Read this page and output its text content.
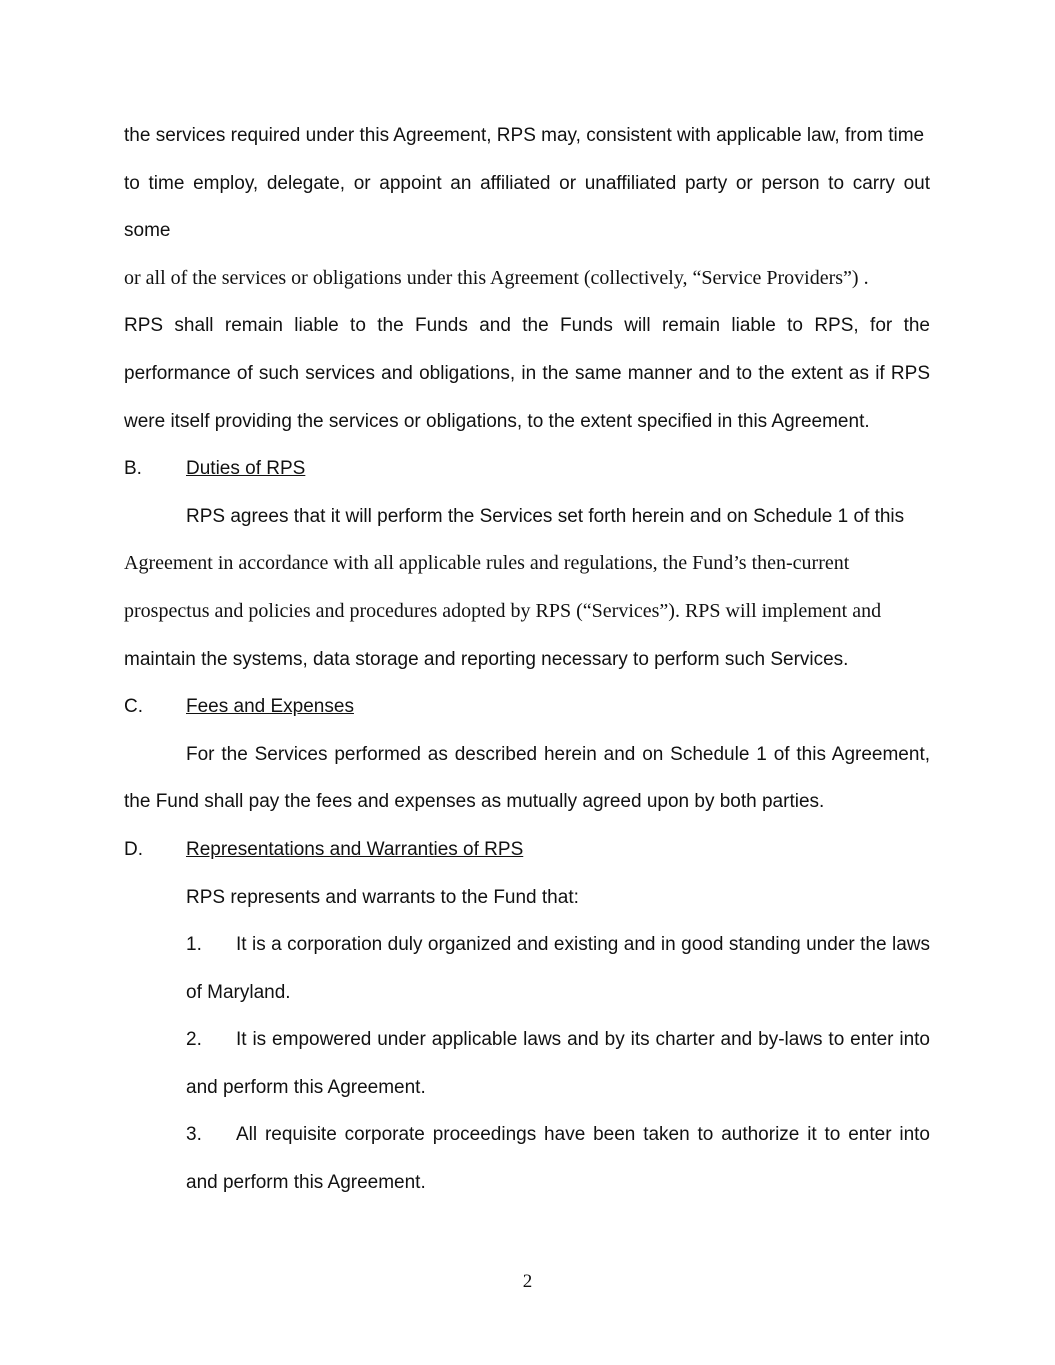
the services required under this Agreement, RPS may, consistent with applicable law, from time
to time employ, delegate, or appoint an affiliated or unaffiliated party or person to carry out some
or all of the services or obligations under this Agreement (collectively, “Service Providers”) .
RPS shall remain liable to the Funds and the Funds will remain liable to RPS, for the performance of such services and obligations, in the same manner and to the extent as if RPS were itself providing the services or obligations, to the extent specified in this Agreement.
B.	Duties of RPS
RPS agrees that it will perform the Services set forth herein and on Schedule 1 of this
Agreement in accordance with all applicable rules and regulations, the Fund’s then-current
prospectus and policies and procedures adopted by RPS (“Services”). RPS will implement and
maintain the systems, data storage and reporting necessary to perform such Services.
C.	Fees and Expenses
For the Services performed as described herein and on Schedule 1 of this Agreement, the Fund shall pay the fees and expenses as mutually agreed upon by both parties.
D.	Representations and Warranties of RPS
RPS represents and warrants to the Fund that:
1. It is a corporation duly organized and existing and in good standing under the laws of Maryland.
2. It is empowered under applicable laws and by its charter and by-laws to enter into and perform this Agreement.
3. All requisite corporate proceedings have been taken to authorize it to enter into and perform this Agreement.
2
